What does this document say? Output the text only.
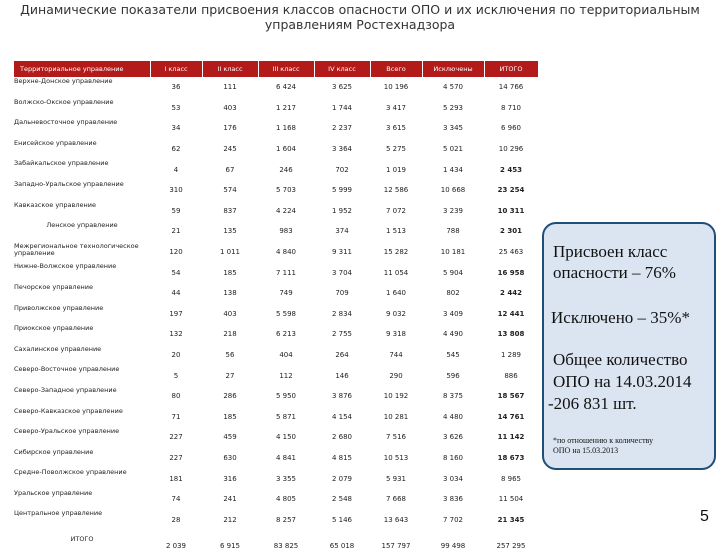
Динамические показатели присвоения классов опасности ОПО и их исключения по территориальным
управлениям Ростехнадзора
Территориальное управление	I класс	II класс	III класс	IV класс	Всего	Исключены	ИТОГО
Верхне-Донское управление	36	111	6 424	3 625	10 196	4 570	14 766
Волжско-Окское управление	53	403	1 217	1 744	3 417	5 293	8 710
Дальневосточное управление	34	176	1 168	2 237	3 615	3 345	6 960
Енисейское управление	62	245	1 604	3 364	5 275	5 021	10 296
Забайкальское управление	4	67	246	702	1 019	1 434	2 453
Западно-Уральское управление	310	574	5 703	5 999	12 586	10 668	23 254
Кавказское управление	59	837	4 224	1 952	7 072	3 239	10 311
Ленское управление	21	135	983	374	1 513	788	2 301
Межрегиональное технологическое управление	120	1 011	4 840	9 311	15 282	10 181	25 463
Нижне-Волжское управление	54	185	7 111	3 704	11 054	5 904	16 958
Печорское управление	44	138	749	709	1 640	802	2 442
Приволжское управление	197	403	5 598	2 834	9 032	3 409	12 441
Приокское управление	132	218	6 213	2 755	9 318	4 490	13 808
Сахалинское управление	20	56	404	264	744	545	1 289
Северо-Восточное управление	5	27	112	146	290	596	886
Северо-Западное управление	80	286	5 950	3 876	10 192	8 375	18 567
Северо-Кавказское управление	71	185	5 871	4 154	10 281	4 480	14 761
Северо-Уральское управление	227	459	4 150	2 680	7 516	3 626	11 142
Сибирское управление	227	630	4 841	4 815	10 513	8 160	18 673
Средне-Поволжское управление	181	316	3 355	2 079	5 931	3 034	8 965
Уральское управление	74	241	4 805	2 548	7 668	3 836	11 504
Центральное управление	28	212	8 257	5 146	13 643	7 702	21 345
ИТОГО	2 039	6 915	83 825	65 018	157 797	99 498	257 295
Присвоен класс
опасности – 76%
Исключено – 35%*
Общее количество
ОПО на 14.03.2014
-206 831 шт.
*по отношению к количеству
ОПО на 15.03.2013
5
